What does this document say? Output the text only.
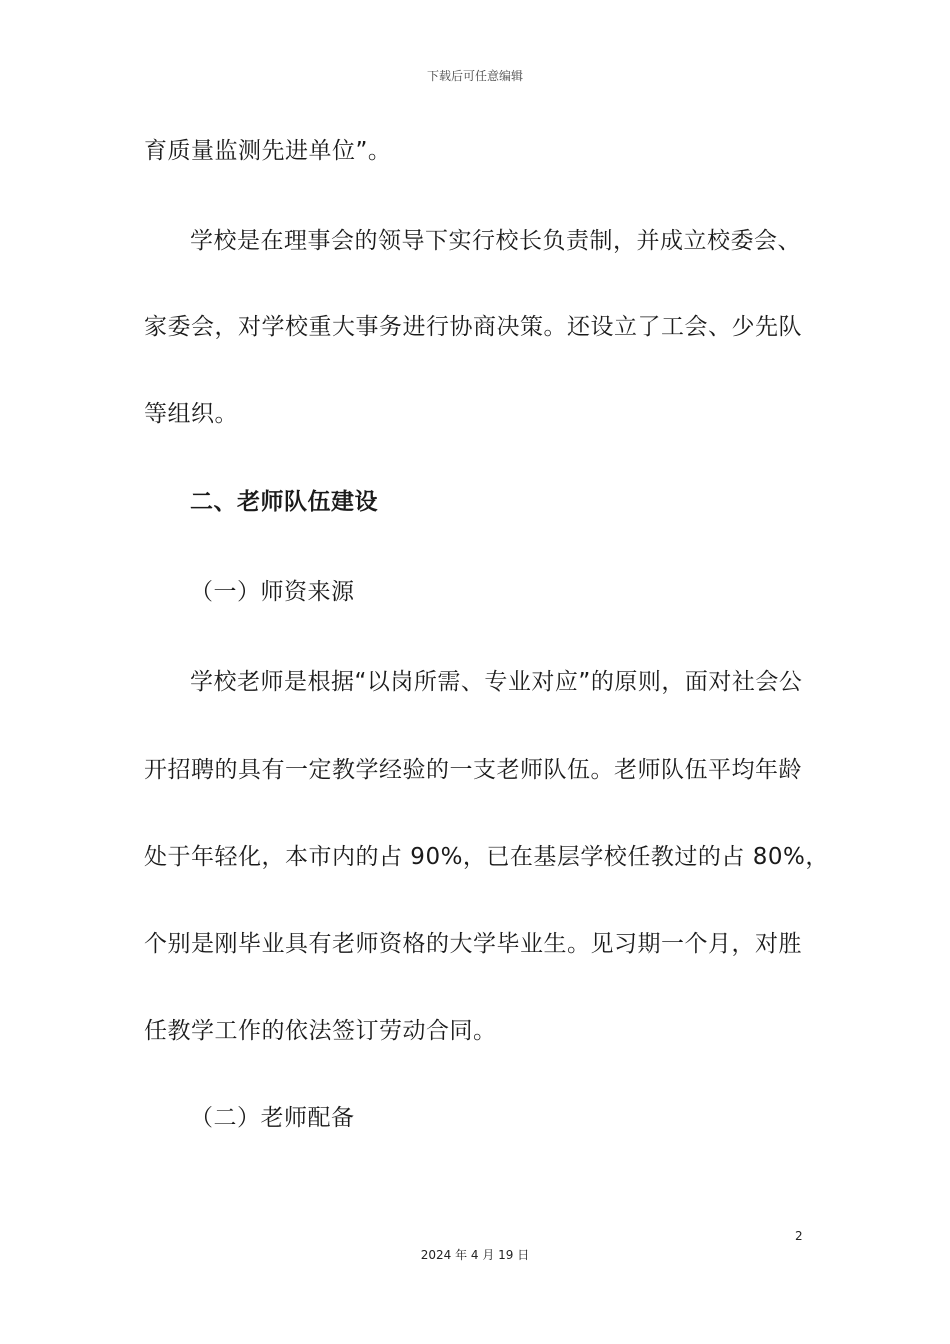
下载后可任意编辑
育质量监测先进单位”。
学校是在理事会的领导下实行校长负责制，并成立校委会、
家委会，对学校重大事务进行协商决策。还设立了工会、少先队
等组织。
二、老师队伍建设
（一）师资来源
学校老师是根据“以岗所需、专业对应”的原则，面对社会公
开招聘的具有一定教学经验的一支老师队伍。老师队伍平均年龄
处于年轻化，本市内的占 90%，已在基层学校任教过的占 80%，
个别是刚毕业具有老师资格的大学毕业生。见习期一个月，对胜
任教学工作的依法签订劳动合同。
（二）老师配备
2
2024 年 4 月 19 日
